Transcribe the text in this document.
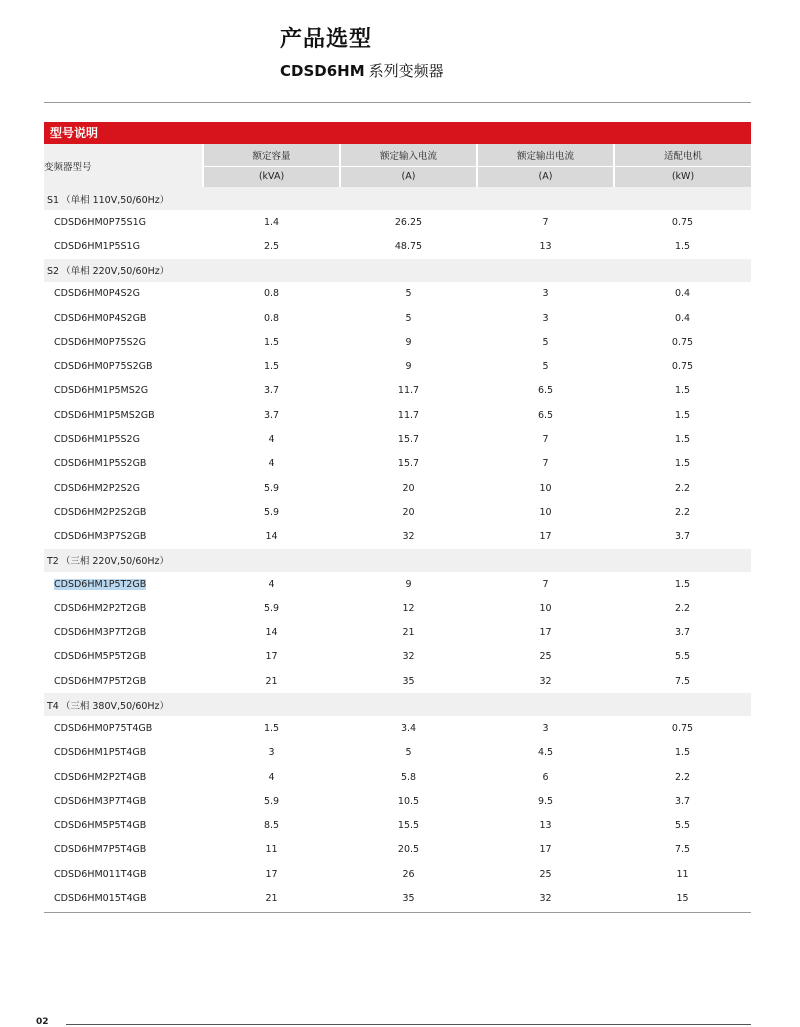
产品选型
CDSD6HM 系列变频器
型号说明
变频器型号	额定容量	额定输入电流	额定输出电流	适配电机
	(kVA)	(A)	(A)	(kW)
S1 （单相 110V,50/60Hz）				
CDSD6HM0P75S1G	1.4	26.25	7	0.75
CDSD6HM1P5S1G	2.5	48.75	13	1.5
S2 （单相 220V,50/60Hz）				
CDSD6HM0P4S2G	0.8	5	3	0.4
CDSD6HM0P4S2GB	0.8	5	3	0.4
CDSD6HM0P75S2G	1.5	9	5	0.75
CDSD6HM0P75S2GB	1.5	9	5	0.75
CDSD6HM1P5MS2G	3.7	11.7	6.5	1.5
CDSD6HM1P5MS2GB	3.7	11.7	6.5	1.5
CDSD6HM1P5S2G	4	15.7	7	1.5
CDSD6HM1P5S2GB	4	15.7	7	1.5
CDSD6HM2P2S2G	5.9	20	10	2.2
CDSD6HM2P2S2GB	5.9	20	10	2.2
CDSD6HM3P7S2GB	14	32	17	3.7
T2 （三相 220V,50/60Hz）				
CDSD6HM1P5T2GB	4	9	7	1.5
CDSD6HM2P2T2GB	5.9	12	10	2.2
CDSD6HM3P7T2GB	14	21	17	3.7
CDSD6HM5P5T2GB	17	32	25	5.5
CDSD6HM7P5T2GB	21	35	32	7.5
T4 （三相 380V,50/60Hz）				
CDSD6HM0P75T4GB	1.5	3.4	3	0.75
CDSD6HM1P5T4GB	3	5	4.5	1.5
CDSD6HM2P2T4GB	4	5.8	6	2.2
CDSD6HM3P7T4GB	5.9	10.5	9.5	3.7
CDSD6HM5P5T4GB	8.5	15.5	13	5.5
CDSD6HM7P5T4GB	11	20.5	17	7.5
CDSD6HM011T4GB	17	26	25	11
CDSD6HM015T4GB	21	35	32	15
02
